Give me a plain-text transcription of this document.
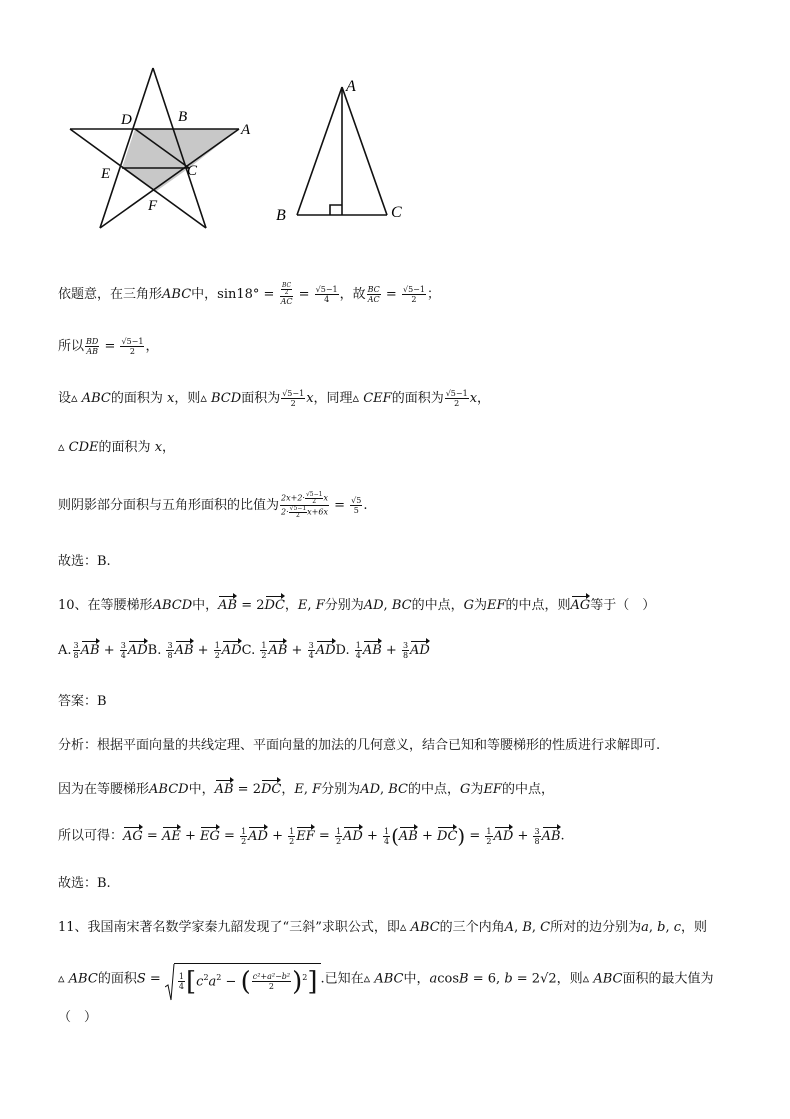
D	B
A
E	C
F
A
B	C
依题意，在三角形ABC中，$\sin 18^\circ = \frac{\frac{BC}{2}}{AC} = \frac{√5-1}{4}$ ，故 $\frac{BC}{AC} = \frac{√5-1}{2}$ ；
所以 $\frac{BD}{AB} = \frac{√5-1}{2}$ ，
设▵ ABC的面积为 x，则▵ BCD面积为 $\frac{√5-1}{2}$ x，同理▵ CEF的面积为 $\frac{√5-1}{2}$ x，
▵ CDE的面积为 x，
则阴影部分面积与五角形面积的比值为 $\frac{2x+2\cdot \frac{√5-1}{2} x}{2\cdot \frac{√5-1}{2} x+6x} = \frac{√5}{5}$ .
故选：B.
10、在等腰梯形ABCD中，AB = 2DC，E, F分别为AD, BC的中点，G为EF的中点，则AG等于（　）
A. $\frac{3}{8}$ AB + $\frac{3}{4}$ ADB. $\frac{3}{8}$ AB + $\frac{1}{2}$ ADC. $\frac{1}{2}$ AB + $\frac{3}{4}$ ADD. $\frac{1}{4}$ AB + $\frac{3}{8}$ AD
答案：B
分析：根据平面向量的共线定理、平面向量的加法的几何意义，结合已知和等腰梯形的性质进行求解即可.
因为在等腰梯形ABCD中，AB = 2DC，E, F分别为AD, BC的中点，G为EF的中点，
所以可得：AG = AE + EG = $\frac{1}{2}$ AD + $\frac{1}{2}$ EF = $\frac{1}{2}$ AD + $\frac{1}{4} (AB + DC) = \frac{1}{2}$ AD + $\frac{3}{8}$ AB.
故选：B.
11、我国南宋著名数学家秦九韶发现了“三斜”求职公式，即▵ ABC的三个内角A, B, C所对的边分别为a, b, c，则
▵ ABC的面积$S = \frac{1}{4} [c^2a^2$ − ( $\frac{\text{c²+a²−b²}}{2} )^2$] .已知在▵ ABC中，acosB = 6, b = 2√2，则▵ ABC面积的最大值为
（　）
